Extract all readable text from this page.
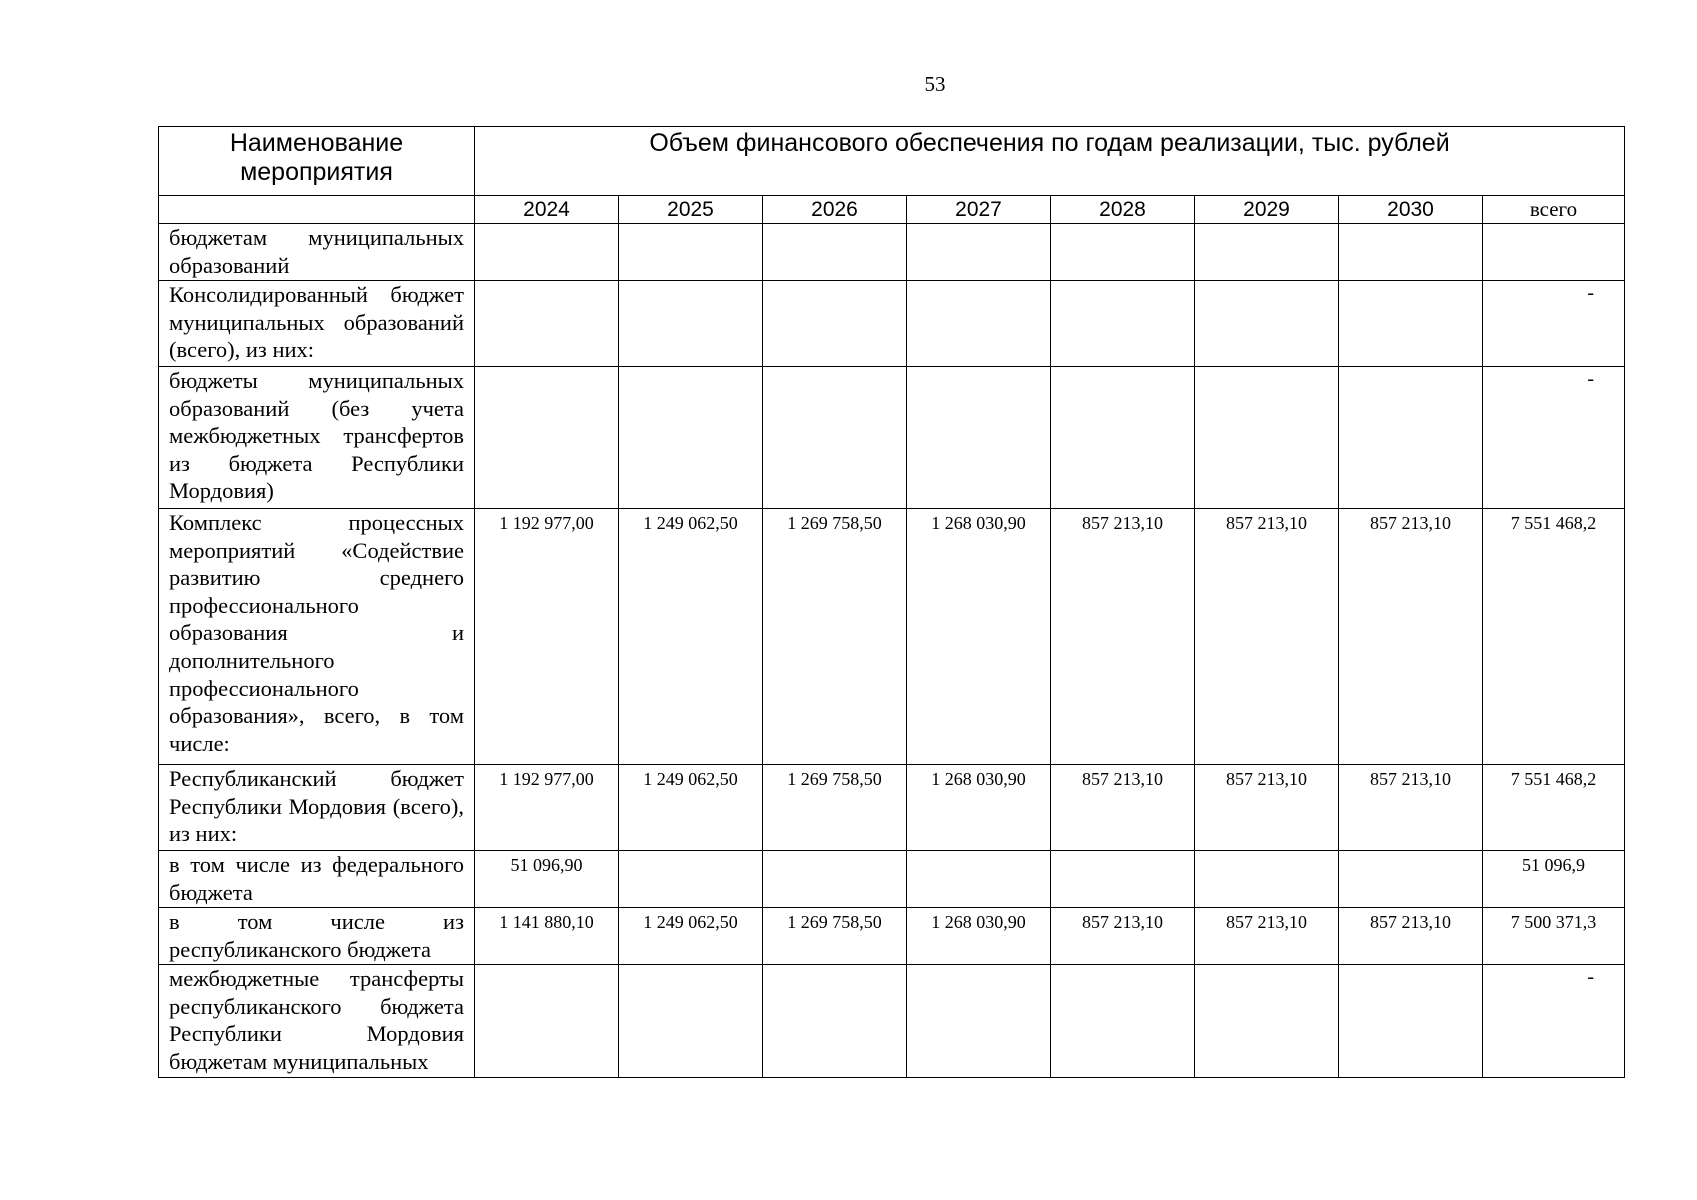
53
Наименование мероприятия	Объем финансового обеспечения по годам реализации, тыс. рублей							
	2024	2025	2026	2027	2028	2029	2030	всего
бюджетам муниципальных образований								
Консолидированный бюджет муниципальных образований (всего), из них:								-
бюджеты муниципальных образований (без учета межбюджетных трансфертов из бюджета Республики Мордовия)								-
Комплекс процессных мероприятий «Содействие развитию среднего профессионального образования и дополнительного профессионального образования», всего, в том числе:	1 192 977,00	1 249 062,50	1 269 758,50	1 268 030,90	857 213,10	857 213,10	857 213,10	7 551 468,2
Республиканский бюджет Республики Мордовия (всего), из них:	1 192 977,00	1 249 062,50	1 269 758,50	1 268 030,90	857 213,10	857 213,10	857 213,10	7 551 468,2
в том числе из федерального бюджета	51 096,90							51 096,9
в том числе из республиканского бюджета	1 141 880,10	1 249 062,50	1 269 758,50	1 268 030,90	857 213,10	857 213,10	857 213,10	7 500 371,3
межбюджетные трансферты республиканского бюджета Республики Мордовия бюджетам муниципальных								-
